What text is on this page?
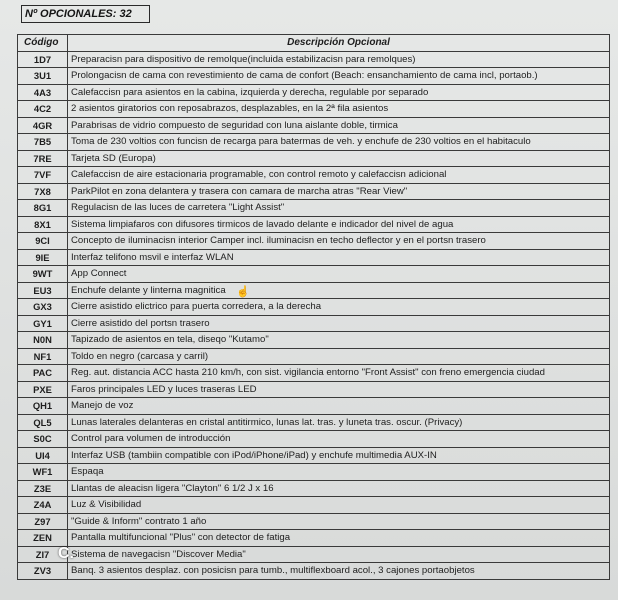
Nº OPCIONALES: 32
Código	Descripción Opcional
1D7	Preparacisn para dispositivo de remolque(incluida estabilizacisn para remolques)
3U1	Prolongacisn de cama con revestimiento de cama de confort (Beach: ensanchamiento de cama incl, portaob.)
4A3	Calefaccisn para asientos en la cabina, izquierda y derecha, regulable por separado
4C2	2 asientos giratorios con reposabrazos, desplazables, en la 2ª fila asientos
4GR	Parabrisas de vidrio compuesto de seguridad con luna aislante doble, tirmica
7B5	Toma de 230 voltios con funcisn de recarga para batermas de veh. y enchufe de 230 voltios en el habitaculo
7RE	Tarjeta SD (Europa)
7VF	Calefaccisn de aire estacionaria programable, con control remoto y calefaccisn adicional
7X8	ParkPilot en zona delantera y trasera con camara de marcha atras "Rear View"
8G1	Regulacisn de las luces de carretera "Light Assist"
8X1	Sistema limpiafaros con difusores tirmicos de lavado delante e indicador del nivel de agua
9CI	Concepto de iluminacisn interior Camper incl. iluminacisn en techo deflector y en el portsn trasero
9IE	Interfaz telifono msvil e interfaz WLAN
9WT	App Connect
EU3	Enchufe delante y linterna magnitica
GX3	Cierre asistido elictrico para puerta corredera, a la derecha
GY1	Cierre asistido del portsn trasero
N0N	Tapizado de asientos en tela, diseqo "Kutamo"
NF1	Toldo en negro (carcasa y carril)
PAC	Reg. aut. distancia ACC hasta 210 km/h, con sist. vigilancia entorno "Front Assist" con freno emergencia ciudad
PXE	Faros principales LED y luces traseras LED
QH1	Manejo de voz
QL5	Lunas laterales delanteras en cristal antitirmico, lunas lat. tras. y luneta tras. oscur. (Privacy)
S0C	Control para volumen de introducción
UI4	Interfaz USB (tambiin compatible con iPod/iPhone/iPad) y enchufe multimedia AUX-IN
WF1	Espaqa
Z3E	Llantas de aleacisn ligera "Clayton" 6 1/2 J x 16
Z4A	Luz & Visibilidad
Z97	"Guide & Inform" contrato 1 año
ZEN	Pantalla multifuncional "Plus" con detector de fatiga
ZI7	Sistema de navegacisn "Discover Media"
ZV3	Banq. 3 asientos desplaz. con posicisn para tumb., multiflexboard acol., 3 cajones portaobjetos
☝
C.
